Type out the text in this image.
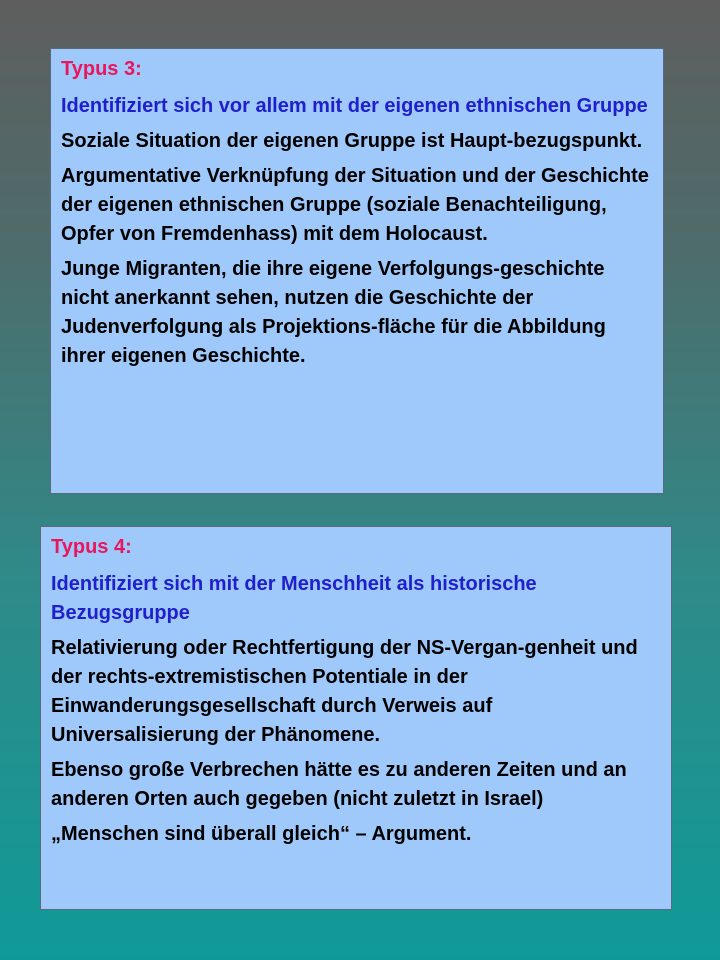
Typus 3:

Identifiziert sich vor allem mit der eigenen ethnischen Gruppe

Soziale Situation der eigenen Gruppe ist Haupt-bezugspunkt.

Argumentative Verknüpfung der Situation und der Geschichte der eigenen ethnischen Gruppe (soziale Benachteiligung, Opfer von Fremdenhass) mit dem Holocaust.

Junge Migranten, die ihre eigene Verfolgungs-geschichte nicht anerkannt sehen, nutzen die Geschichte der Judenverfolgung als Projektions-fläche für die Abbildung ihrer eigenen Geschichte.

Typus 4:

Identifiziert sich mit der Menschheit als historische Bezugsgruppe

Relativierung oder Rechtfertigung der NS-Vergan-genheit und der rechts-extremistischen Potentiale in der Einwanderungsgesellschaft durch Verweis auf Universalisierung der Phänomene.

Ebenso große Verbrechen hätte es zu anderen Zeiten und an anderen Orten auch gegeben (nicht zuletzt in Israel)

„Menschen sind überall gleich“ – Argument.
